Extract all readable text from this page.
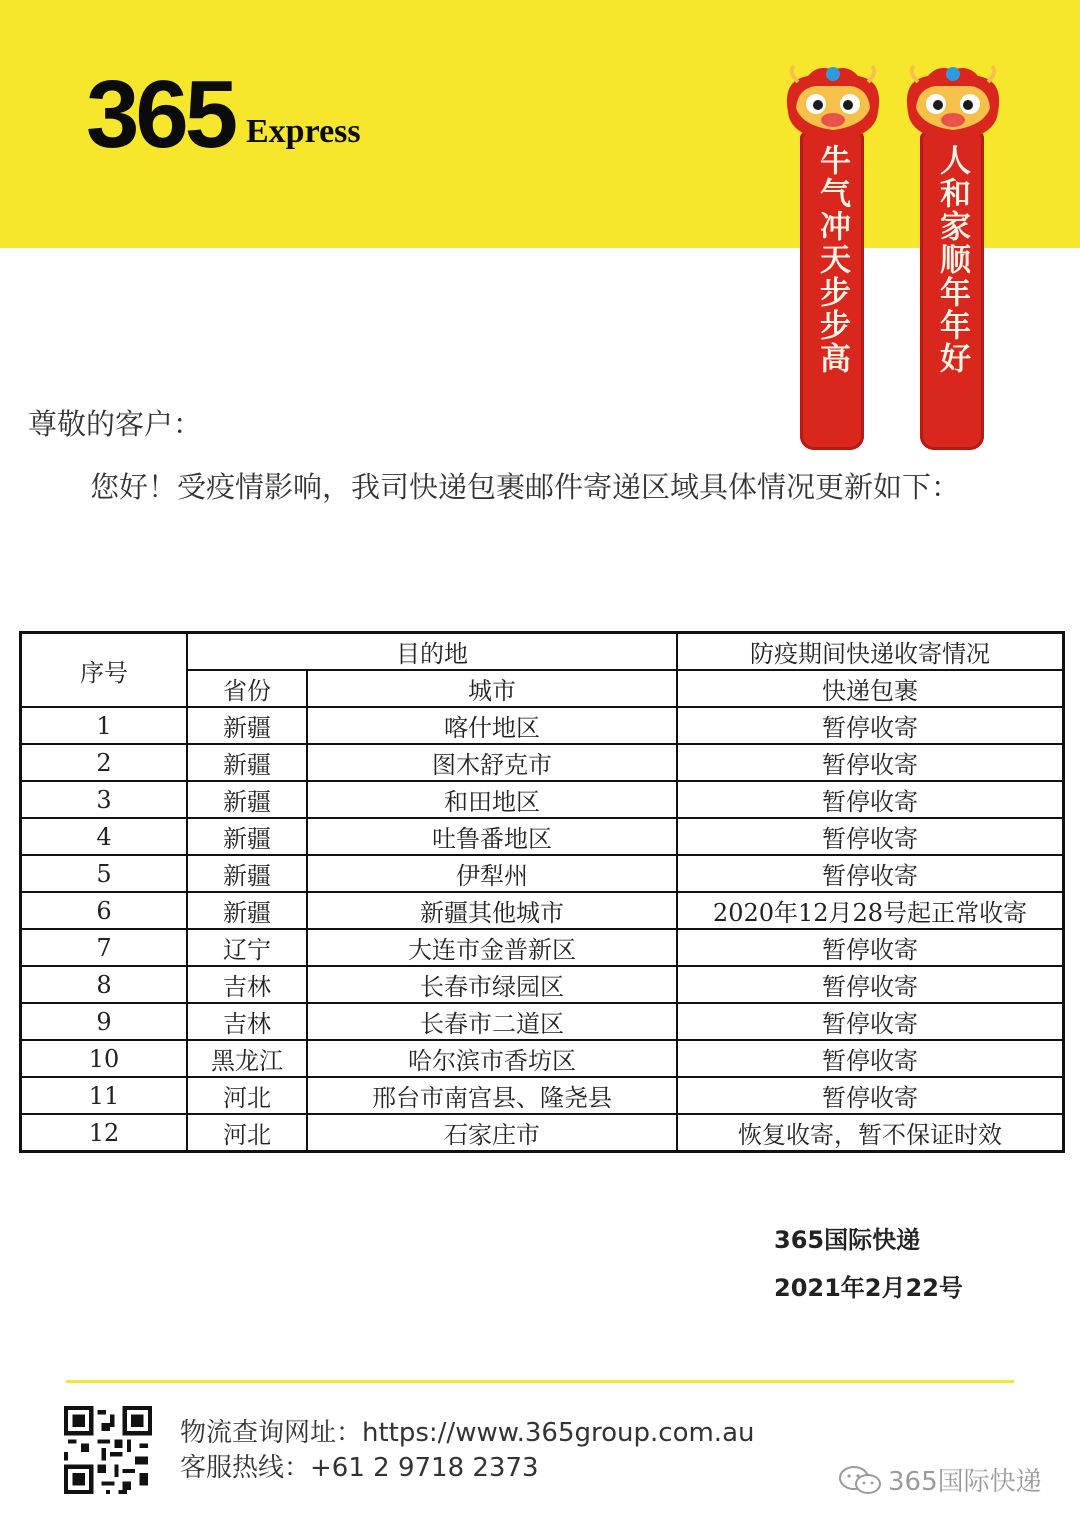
365 Express
牛气冲天步步高	人和家顺年年好
尊敬的客户：
您好！受疫情影响，我司快递包裹邮件寄递区域具体情况更新如下：
序号	目的地		防疫期间快递收寄情况
	省份	城市	快递包裹
1	新疆	喀什地区	暂停收寄
2	新疆	图木舒克市	暂停收寄
3	新疆	和田地区	暂停收寄
4	新疆	吐鲁番地区	暂停收寄
5	新疆	伊犁州	暂停收寄
6	新疆	新疆其他城市	2020年12月28号起正常收寄
7	辽宁	大连市金普新区	暂停收寄
8	吉林	长春市绿园区	暂停收寄
9	吉林	长春市二道区	暂停收寄
10	黑龙江	哈尔滨市香坊区	暂停收寄
11	河北	邢台市南宫县、隆尧县	暂停收寄
12	河北	石家庄市	恢复收寄，暂不保证时效
365国际快递
2021年2月22号
物流查询网址：https://www.365group.com.au
客服热线：+61 2 9718 2373	365国际快递
